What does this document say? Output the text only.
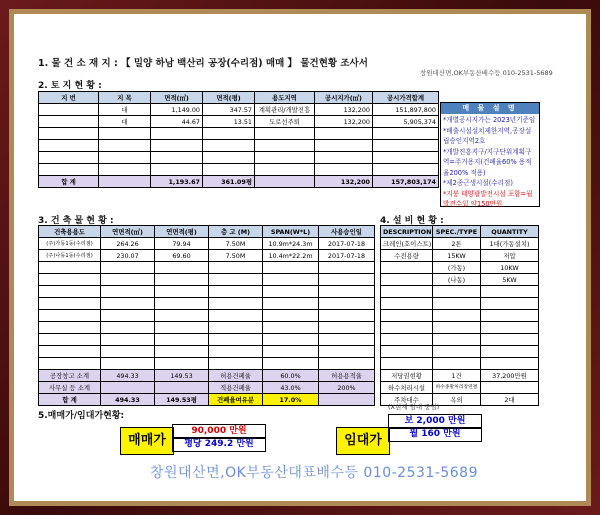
1. 물 건 소 재 지 : 【 밀양 하남 백산리 공장(수리점) 매매 】 물건현황 조사서
창원대산면,OK부동산배수등 010-2531-5689
2. 토 지 현 황 :
지 번	지 목	면적(㎡)	면적(평)	용도지역	공시지가(㎡)	공시가격합계
	대	1,149.00	347.57	계획관리/개발진흥	132,200	151,897,800
	대	44.67	13.51	도로선주퇴	132,200	5,905,374

합 계		1,193.67	361.09평		132,200	157,803,174
매 물 설 명
*개별공시지가는 2023년기준임
*배출시설설치제한지역,공장설립승인지역2호
*개발진흥지구/지구단위계획구역=주거용지(건폐율60% 용적율200% 적용)
*제2종근생시설(수리점)
*지붕 태양광발전시설 포함=월발전수입 약150만원
3. 건 축 물 현 황 :	4. 설 비 현 황 :
건축용용도	연면적(㎡)	연면적(평)	층 고 (M)	SPAN(W*L)	사용승인일
(주)가동1동(수리점)	264.26	79.94	7.50M	10.9m*24.3m	2017-07-18
(주)나동1동(수리점)	230.07	69.60	7.50M	10.4m*22.2m	2017-07-18

공장창고 소계	494.33	149.53	허용건폐율	60.0%	허용용적율
사무실 등 소계			적용건폐율	43.0%	200%
합 계	494.33	149.53평	건폐율여유분	17.0%	
DESCRIPTION	SPEC./TYPE	QUANTITY
크레인(호이스트)	2톤	1대(가동설치)
수전용량	15KW	저압
	(가동)	10KW
	(나동)	5KW

저당권현황	1건	37,200만원
하수처리시설	하수종말처리장연결	
주차대수	옥외	2대
5.매매가/임대가현황:
(X현재 임대 중임)
매매가
90,000 만원
평당 249.2 만원	임대가
보 2,000 만원
월 160 만원
창원대산면,OK부동산대표배수등 010-2531-5689
